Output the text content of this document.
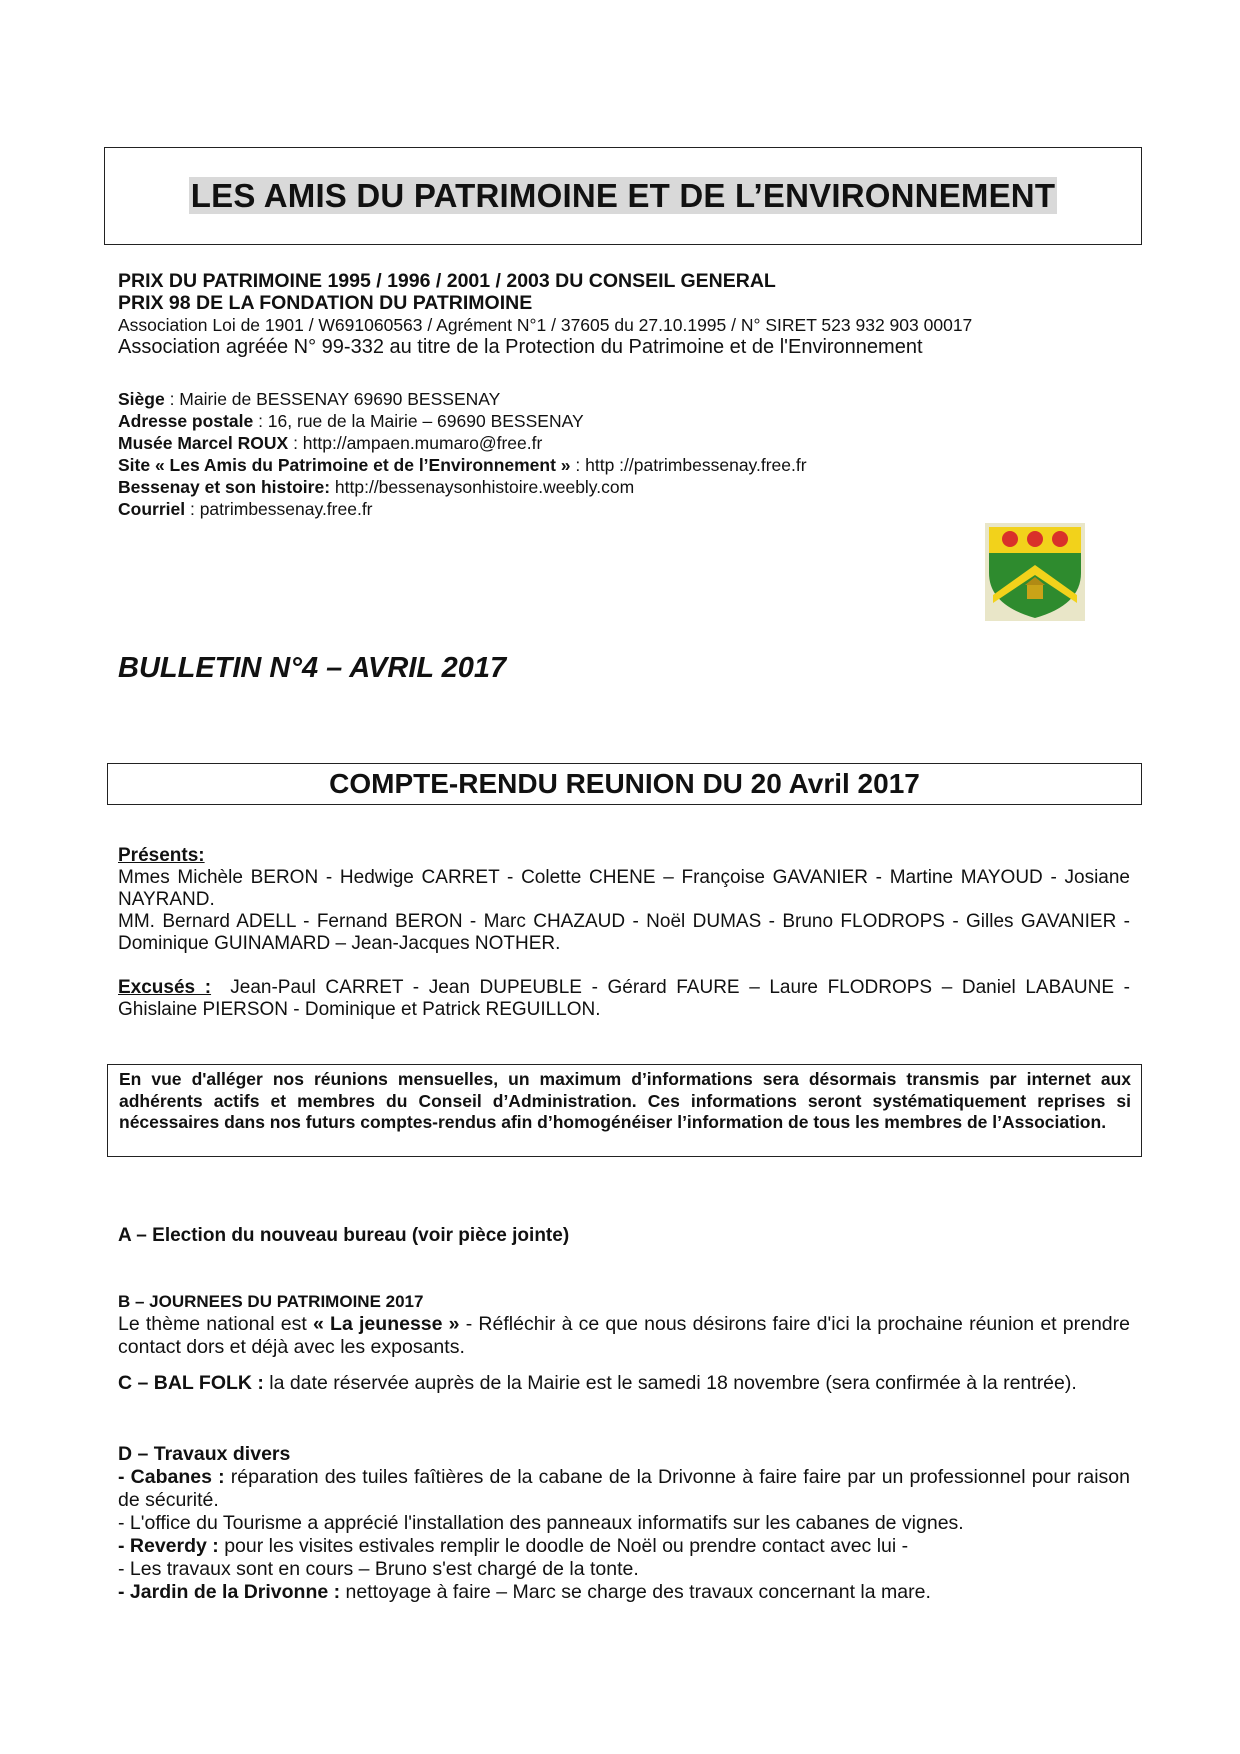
LES AMIS DU PATRIMOINE ET DE L’ENVIRONNEMENT
PRIX DU PATRIMOINE 1995 / 1996 / 2001 / 2003 DU CONSEIL GENERAL
PRIX 98 DE LA FONDATION DU PATRIMOINE
Association Loi de 1901 / W691060563 / Agrément N°1 / 37605 du 27.10.1995 / N° SIRET 523 932 903 00017
Association agréée N° 99-332 au titre de la Protection du Patrimoine et de l'Environnement
Siège : Mairie de BESSENAY 69690 BESSENAY
Adresse postale : 16, rue de la Mairie – 69690 BESSENAY
Musée Marcel ROUX : http://ampaen.mumaro@free.fr
Site « Les Amis du Patrimoine et de l’Environnement » : http ://patrimbessenay.free.fr
Bessenay et son histoire: http://bessenaysonhistoire.weebly.com
Courriel : patrimbessenay.free.fr
BULLETIN N°4 – AVRIL 2017
COMPTE-RENDU REUNION DU 20 Avril 2017
Présents:
Mmes Michèle BERON - Hedwige CARRET - Colette CHENE – Françoise GAVANIER - Martine MAYOUD - Josiane NAYRAND.
MM. Bernard ADELL - Fernand BERON - Marc CHAZAUD - Noël DUMAS - Bruno FLODROPS - Gilles GAVANIER - Dominique GUINAMARD – Jean-Jacques NOTHER.
Excusés : Jean-Paul CARRET - Jean DUPEUBLE - Gérard FAURE – Laure FLODROPS – Daniel LABAUNE - Ghislaine PIERSON - Dominique et Patrick REGUILLON.
En vue d'alléger nos réunions mensuelles, un maximum d’informations sera désormais transmis par internet aux adhérents actifs et membres du Conseil d’Administration. Ces informations seront systématiquement reprises si nécessaires dans nos futurs comptes-rendus afin d’homogénéiser l’information de tous les membres de l’Association.
A – Election du nouveau bureau (voir pièce jointe)
B – JOURNEES DU PATRIMOINE 2017
Le thème national est « La jeunesse » - Réfléchir à ce que nous désirons faire d'ici la prochaine réunion et prendre contact dors et déjà avec les exposants.
C – BAL FOLK : la date réservée auprès de la Mairie est le samedi 18 novembre (sera confirmée à la rentrée).
D – Travaux divers
- Cabanes : réparation des tuiles faîtières de la cabane de la Drivonne à faire faire par un professionnel pour raison de sécurité.
- L'office du Tourisme a apprécié l'installation des panneaux informatifs sur les cabanes de vignes.
- Reverdy : pour les visites estivales remplir le doodle de Noël ou prendre contact avec lui -
- Les travaux sont en cours – Bruno s'est chargé de la tonte.
- Jardin de la Drivonne : nettoyage à faire – Marc se charge des travaux concernant la mare.
